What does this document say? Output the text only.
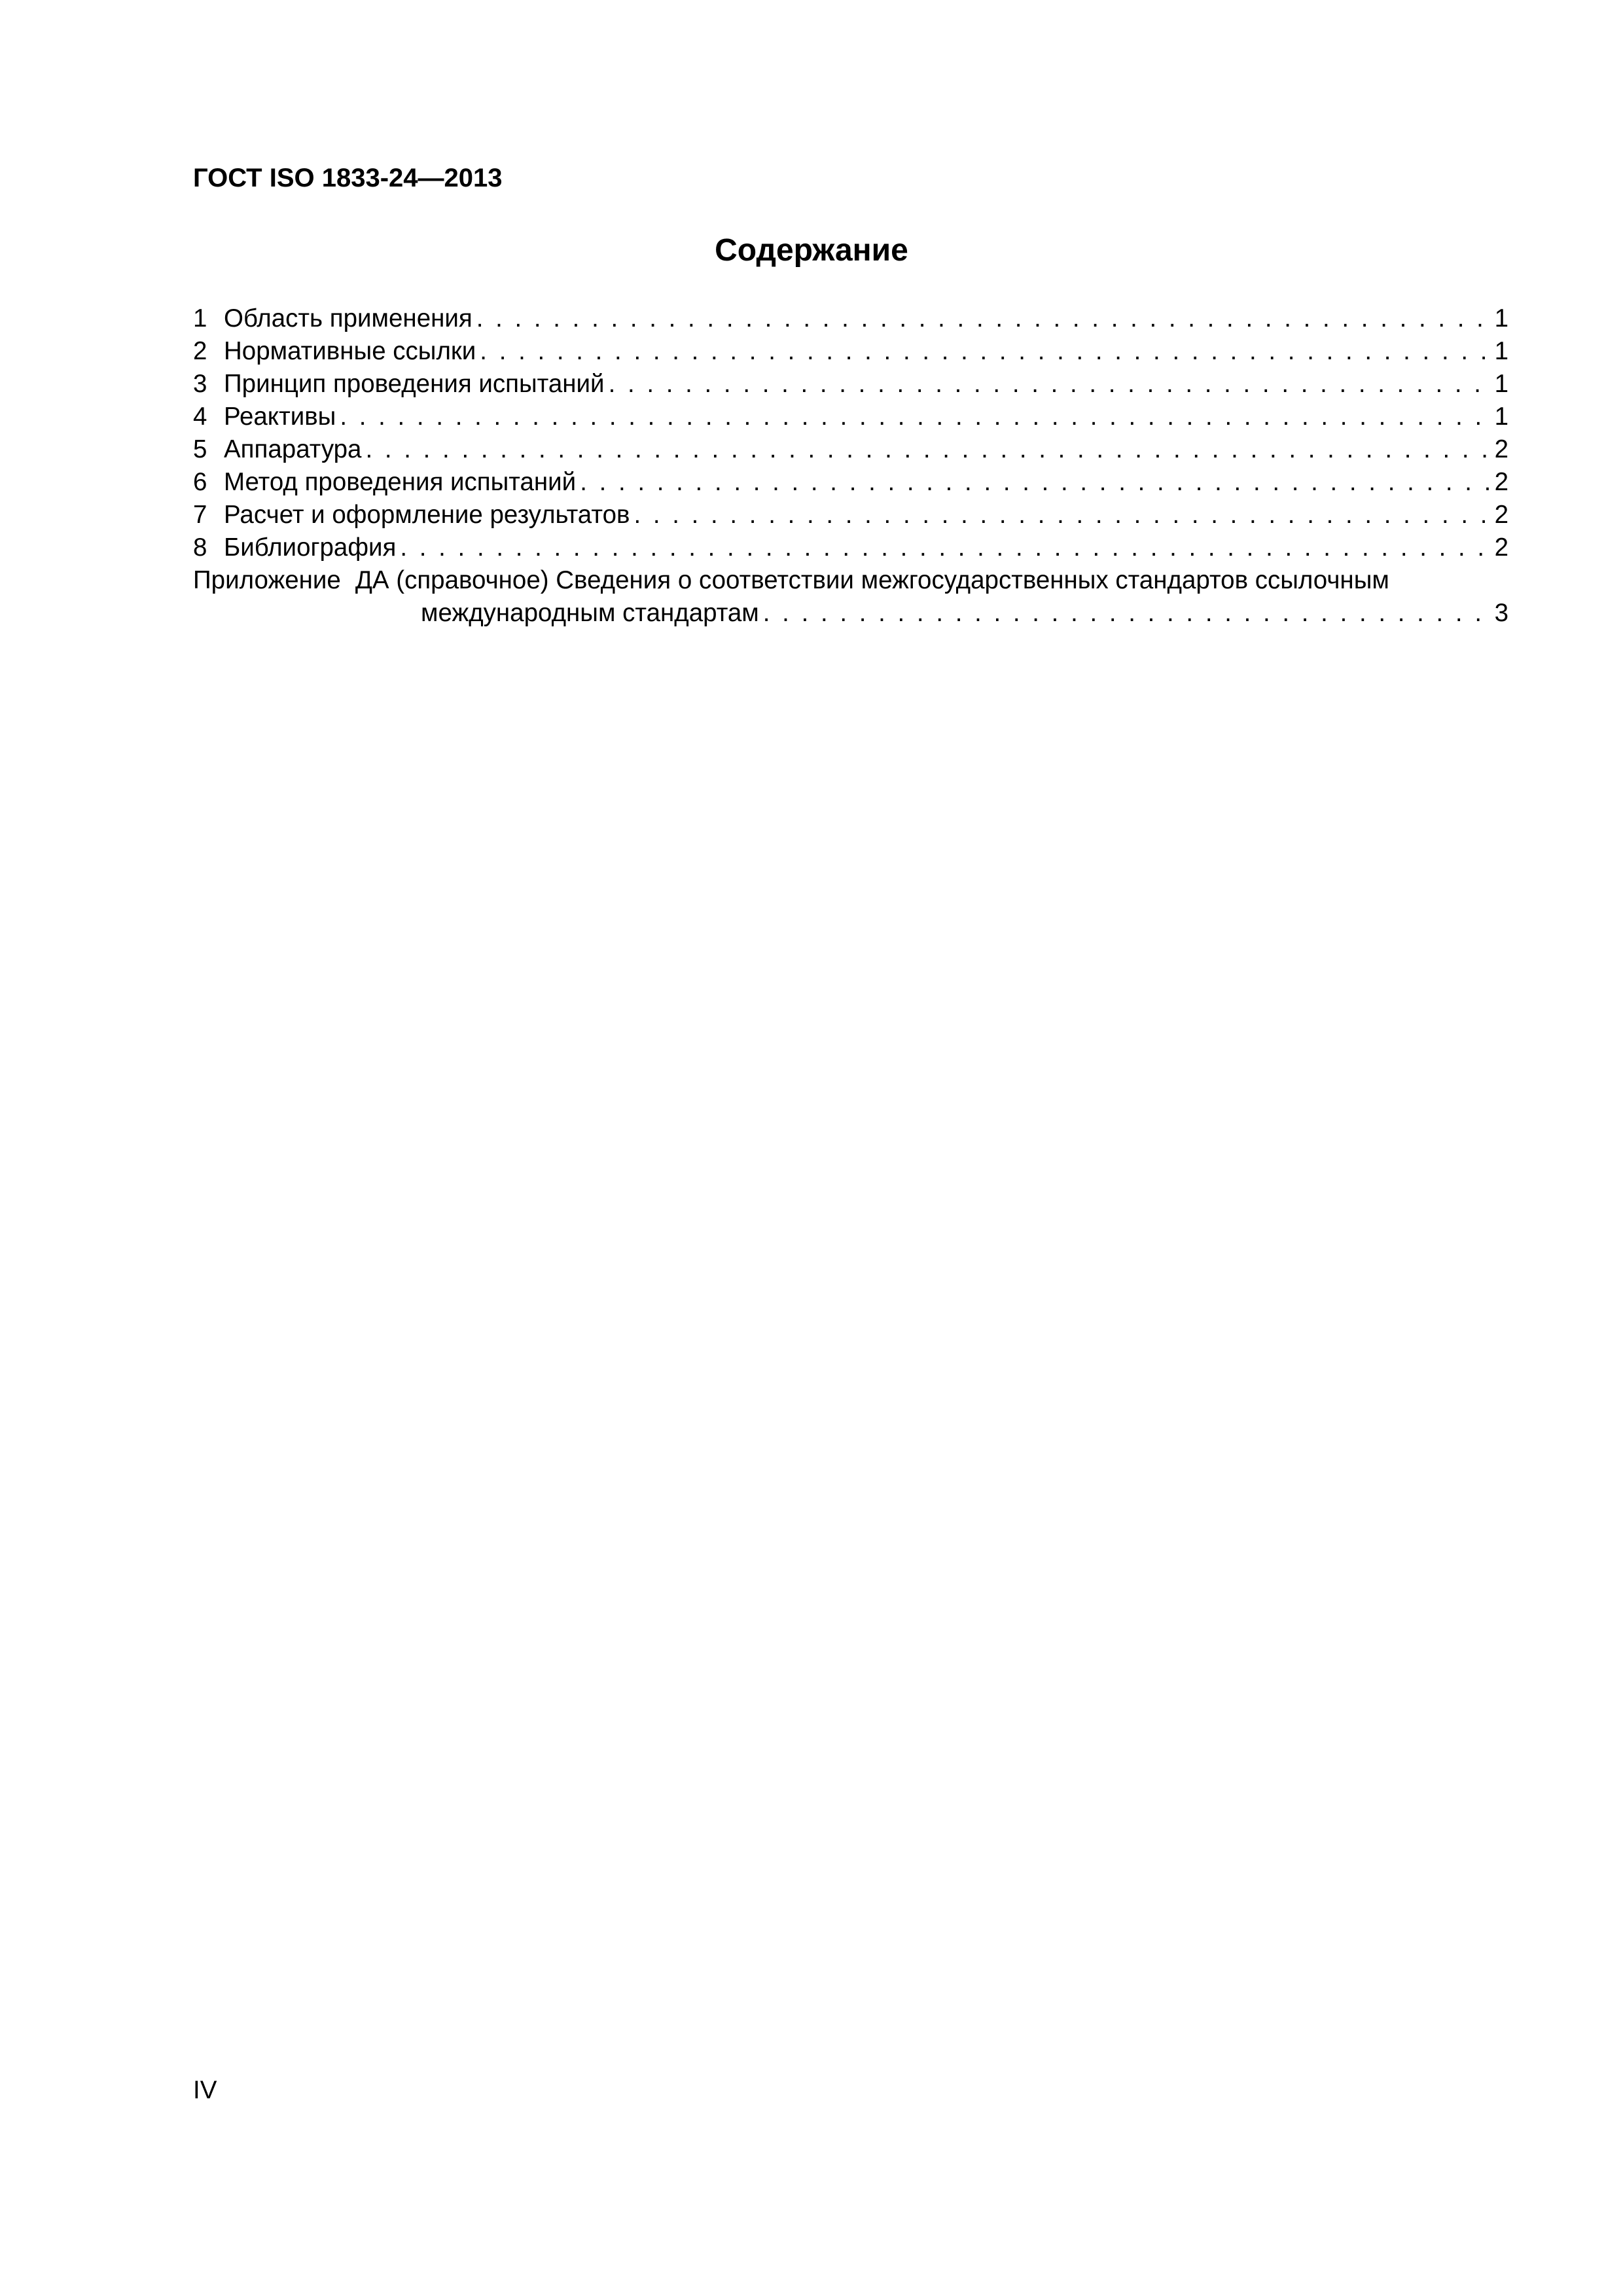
ГОСТ ISO 1833-24—2013
Содержание
1 Область применения . . .	1
2 Нормативные ссылки . . .	1
3 Принцип проведения испытаний . . .	1
4 Реактивы . . .	1
5 Аппаратура . . .	2
6 Метод проведения испытаний . . .	2
7 Расчет и оформление результатов . . .	2
8 Библиография . . .	2
Приложение ДА (справочное) Сведения о соответствии межгосударственных стандартов ссылочным
международным стандартам . . .	3
IV
